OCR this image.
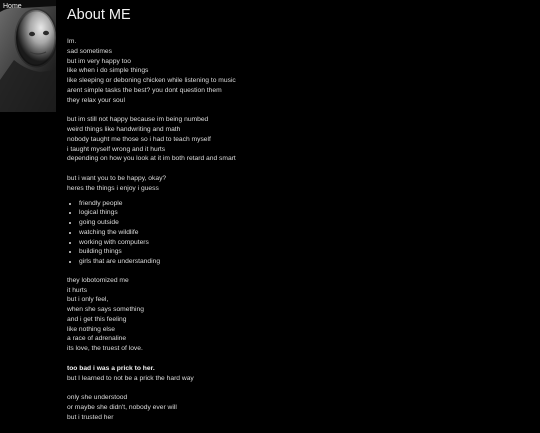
Home
About ME
Im.
sad sometimes
but im very happy too
like when i do simple things
like sleeping or deboning chicken while listening to music
arent simple tasks the best? you dont question them
they relax your soul
but im still not happy because im being numbed
weird things like handwriting and math
nobody taught me those so i had to teach myself
i taught myself wrong and it hurts
depending on how you look at it im both retard and smart
but i want you to be happy, okay?
heres the things i enjoy i guess
• friendly people
• logical things
• going outside
• watching the wildlife
• working with computers
• building things
• girls that are understanding
they lobotomized me
it hurts
but i only feel,
when she says something
and i get this feeling
like nothing else
a race of adrenaline
its love, the truest of love.
too bad i was a prick to her.
but I learned to not be a prick the hard way
only she understood
or maybe she didn't, nobody ever will
but i trusted her
